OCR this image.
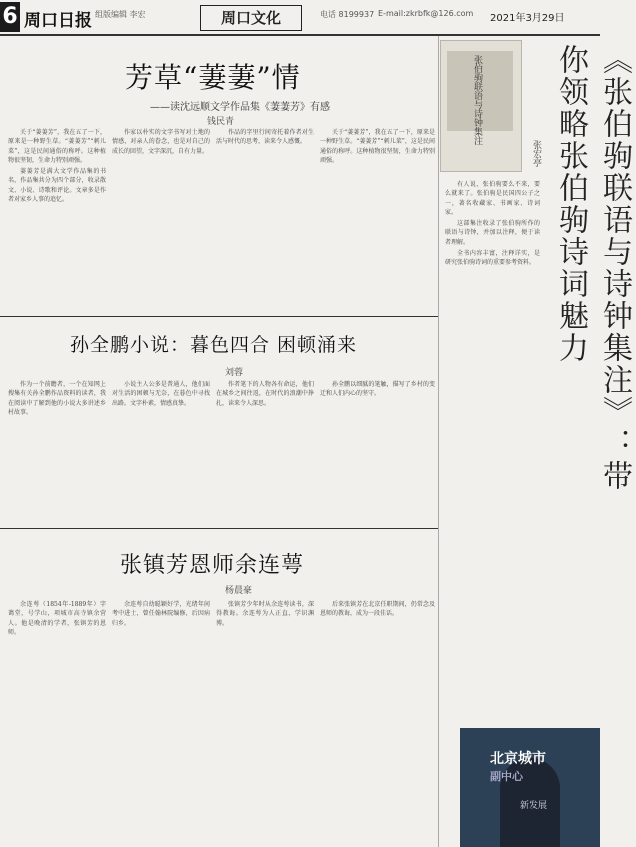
6 周口日报 组版编辑 李宏	周口文化	电话 8199937 E-mail:zkrbfk@126.com 2021年3月29日
芳草“萋萋”情
——读沈远顺文学作品集《萋萋芳》有感
钱民青

关于“萋萋芳”，我在五了一下，原来是一种野生草。“萋萋芳”“刺儿菜”，这是民间通俗的称呼。这种植物很坚韧，生命力特别顽强。

萋萋芳是满大文学作品集的书名，作品集共分为四个部分，收录散文、小说、诗歌和评论。文章多是作者对家乡人事的追忆。

作家以朴实的文字书写对土地的情感，对亲人的眷念，也是对自己的成长的回望，文字深沉，自有力量。

作品的字里行间寄托着作者对生活与时代的思考，读来令人感慨。

关于“萋萋芳”，我在五了一下，原来是一种野生草。“萋萋芳”“刺儿菜”，这是民间通俗的称呼。这种植物很坚韧，生命力特别顽强。

孙全鹏小说：暮色四合 困顿涌来
刘蓉

作为一个前瞻者，一个在知网上搜集有关孙全鹏作品资料的读者，我在阅读中了解到他的小说大多讲述乡村故事。

小说主人公多是普通人，他们面对生活的困顿与无奈，在暮色中寻找出路。文字朴素，情感真挚。

作者笔下的人物各有命运，他们在城乡之间往返，在时代的浪潮中挣扎，读来令人深思。

孙全鹏以细腻的笔触，描写了乡村的变迁和人们内心的坚守。

张镇芳恩师余连萼
杨晨豪

余连萼（1854年-1889年）字蔼堂，号学山，项城市高寺镇余营人。他是晚清的学者，张镇芳的恩师。

余连萼自幼聪颖好学，光绪年间考中进士，曾任翰林院编修，后因病归乡。

张镇芳少年时从余连萼读书，深得教诲。余连萼为人正直，学识渊博。

后来张镇芳在北京任职期间，仍常念及恩师的教诲，成为一段佳话。

张伯驹联语与诗钟集注	《张伯驹联语与诗钟集注》：带你领略张伯驹诗词魅力
张宏亭

有人说，张伯驹要么不来，要么就来了。张伯驹是民国四公子之一，著名收藏家、书画家、诗词家。

这部集注收录了张伯驹所作的联语与诗钟，并加以注释，便于读者理解。

全书内容丰富，注释详实，是研究张伯驹诗词的重要参考资料。

北京城市
副中心
新发展
